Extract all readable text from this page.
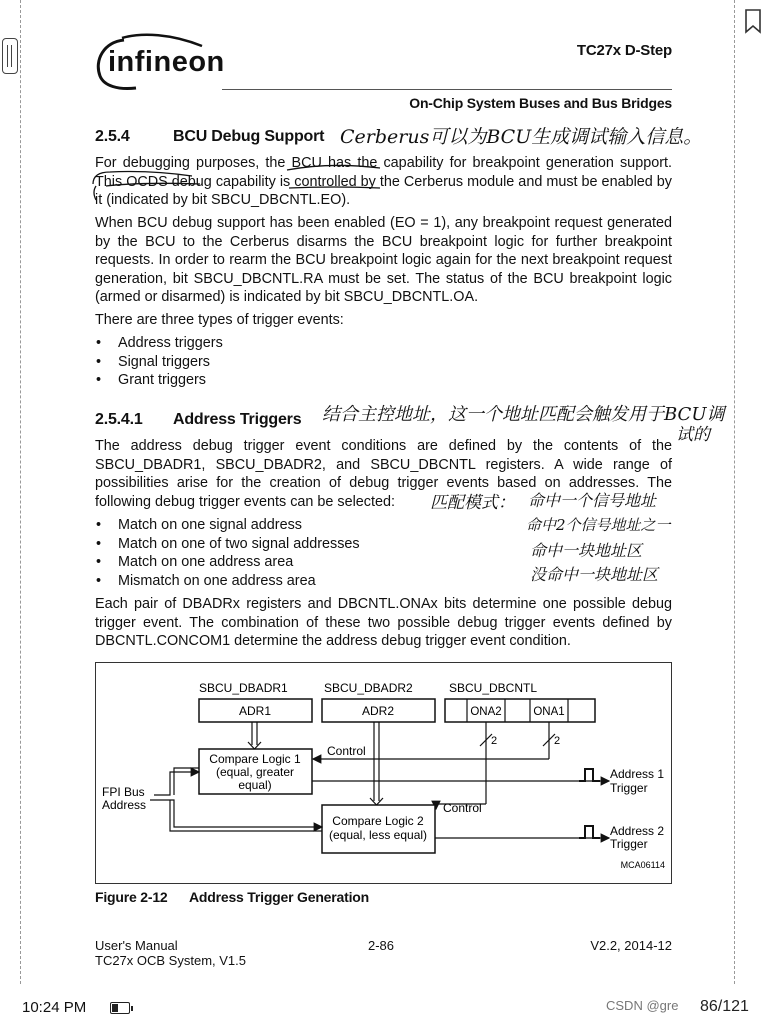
infineon	TC27x D-Step
On-Chip System Buses and Bus Bridges
2.5.4	BCU Debug Support Cerberus可以为BCU生成调试输入信息。
For debugging purposes, the BCU has the capability for breakpoint generation support. This OCDS debug capability is controlled by the Cerberus module and must be enabled by it (indicated by bit SBCU_DBCNTL.EO).
When BCU debug support has been enabled (EO = 1), any breakpoint request generated by the BCU to the Cerberus disarms the BCU breakpoint logic for further breakpoint requests. In order to rearm the BCU breakpoint logic again for the next breakpoint request generation, bit SBCU_DBCNTL.RA must be set. The status of the BCU breakpoint logic (armed or disarmed) is indicated by bit SBCU_DBCNTL.OA.
There are three types of trigger events:
• Address triggers
• Signal triggers
• Grant triggers
2.5.4.1 Address Triggers 结合主控地址，这一个地址匹配会触发用于BCU调
试的
The address debug trigger event conditions are defined by the contents of the SBCU_DBADR1, SBCU_DBADR2, and SBCU_DBCNTL registers. A wide range of possibilities arise for the creation of debug trigger events based on addresses. The following debug trigger events can be selected:	匹配模式：
• Match on one signal address
• Match on one of two signal addresses
• Match on one address area
• Mismatch on one address area
命中一个信号地址
命中2个信号地址之一
命中一块地址区
没命中一块地址区
Each pair of DBADRx registers and DBCNTL.ONAx bits determine one possible debug trigger event. The combination of these two possible debug trigger events defined by DBCNTL.CONCOM1 determine the address debug trigger event condition.
SBCU_DBADR1	SBCU_DBADR2	SBCU_DBCNTL
ADR1	ADR2	ONA2	ONA1
2	2
Control
Control
Compare Logic 1
(equal, greater
equal)
Compare Logic 2
(equal, less equal)
FPI Bus
Address
Address 1
Trigger
Address 2
Trigger
MCA06114
Figure 2-12 Address Trigger Generation
User's Manual
TC27x OCB System, V1.5
2-86	V2.2, 2014-12
10:24 PM	CSDN @gre 86/121
